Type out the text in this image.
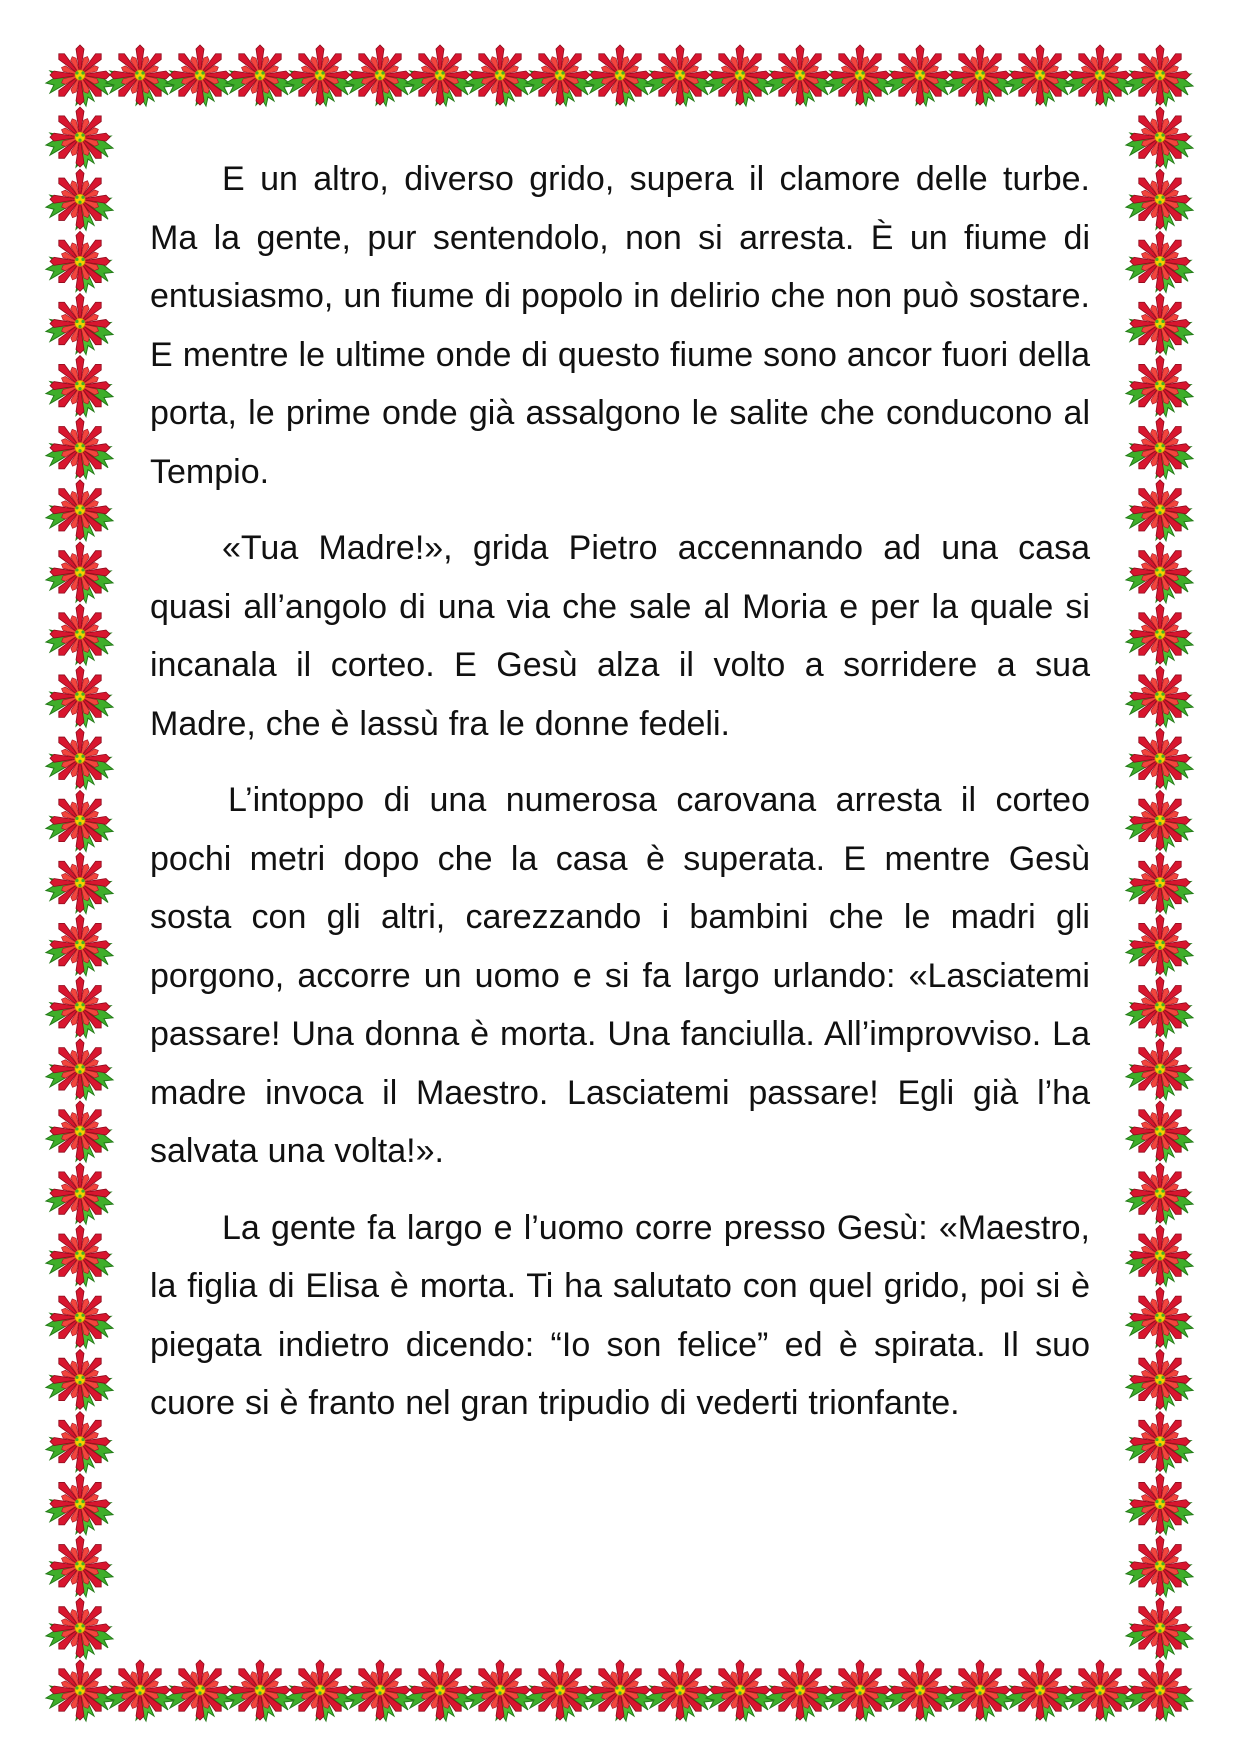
E un altro, diverso grido, supera il clamore delle turbe. Ma la gente, pur sentendolo, non si arresta. È un fiume di entusiasmo, un fiume di popolo in delirio che non può sostare. E mentre le ultime onde di questo fiume sono ancor fuori della porta, le prime onde già assalgono le salite che conducono al Tempio.

«Tua Madre!», grida Pietro accennando ad una casa quasi all’angolo di una via che sale al Moria e per la quale si incanala il corteo. E Gesù alza il volto a sorridere a sua Madre, che è lassù fra le donne fedeli.

L’intoppo di una numerosa carovana arresta il corteo pochi metri dopo che la casa è superata. E mentre Gesù sosta con gli altri, carezzando i bambini che le madri gli porgono, accorre un uomo e si fa largo urlando: «Lasciatemi passare! Una donna è morta. Una fanciulla. All’improvviso. La madre invoca il Maestro. Lasciatemi passare! Egli già l’ha salvata una volta!».

La gente fa largo e l’uomo corre presso Gesù: «Maestro, la figlia di Elisa è morta. Ti ha salutato con quel grido, poi si è piegata indietro dicendo: “Io son felice” ed è spirata. Il suo cuore si è franto nel gran tripudio di vederti trionfante.
